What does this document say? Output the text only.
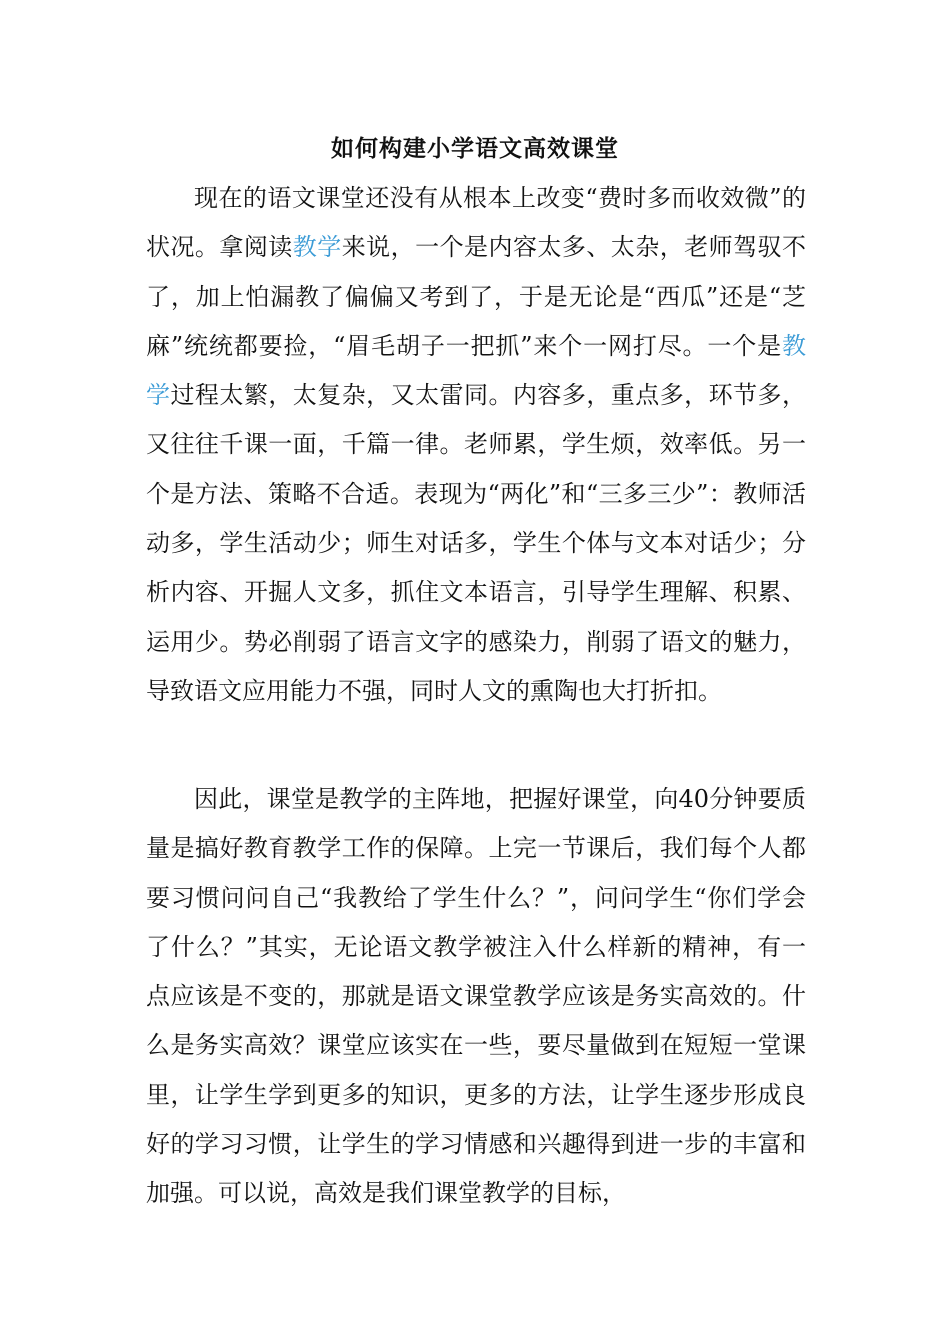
如何构建小学语文高效课堂

现在的语文课堂还没有从根本上改变“费时多而收效微”的状况。拿阅读教学来说，一个是内容太多、太杂，老师驾驭不了，加上怕漏教了偏偏又考到了，于是无论是“西瓜”还是“芝麻”统统都要捡，“眉毛胡子一把抓”来个一网打尽。一个是教学过程太繁，太复杂，又太雷同。内容多，重点多，环节多，又往往千课一面，千篇一律。老师累，学生烦，效率低。另一个是方法、策略不合适。表现为“两化”和“三多三少”：教师活动多，学生活动少；师生对话多，学生个体与文本对话少；分析内容、开掘人文多，抓住文本语言，引导学生理解、积累、运用少。势必削弱了语言文字的感染力，削弱了语文的魅力，导致语文应用能力不强，同时人文的熏陶也大打折扣。

因此，课堂是教学的主阵地，把握好课堂，向40分钟要质量是搞好教育教学工作的保障。上完一节课后，我们每个人都要习惯问问自己“我教给了学生什么？”，问问学生“你们学会了什么？”其实，无论语文教学被注入什么样新的精神，有一点应该是不变的，那就是语文课堂教学应该是务实高效的。什么是务实高效？课堂应该实在一些，要尽量做到在短短一堂课里，让学生学到更多的知识，更多的方法，让学生逐步形成良好的学习习惯，让学生的学习情感和兴趣得到进一步的丰富和加强。可以说，高效是我们课堂教学的目标，
